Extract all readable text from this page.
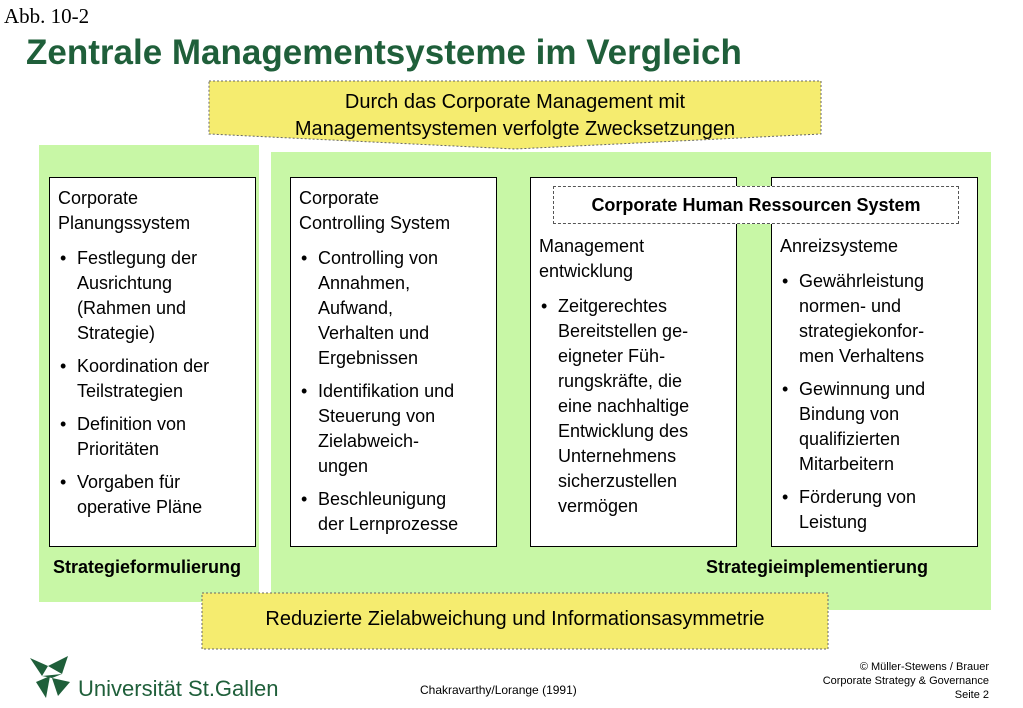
Abb. 10-2
Zentrale Managementsysteme im Vergleich
Durch das Corporate Management mit
Managementsystemen verfolgte Zwecksetzungen
Corporate
Planungssystem
• Festlegung der
Ausrichtung
(Rahmen und
Strategie)
• Koordination der
Teilstrategien
• Definition von
Prioritäten
• Vorgaben für
operative Pläne
Corporate
Controlling System
• Controlling von
Annahmen,
Aufwand,
Verhalten und
Ergebnissen
• Identifikation und
Steuerung von
Zielabweich-
ungen
• Beschleunigung
der Lernprozesse
Management
entwicklung
• Zeitgerechtes
Bereitstellen ge-
eigneter Füh-
rungskräfte, die
eine nachhaltige
Entwicklung des
Unternehmens
sicherzustellen
vermögen
Anreizsysteme
• Gewährleistung
normen- und
strategiekonfor-
men Verhaltens
• Gewinnung und
Bindung von
qualifizierten
Mitarbeitern
• Förderung von
Leistung
Corporate Human Ressourcen System
Strategieformulierung	Strategieimplementierung
Reduzierte Zielabweichung und Informationsasymmetrie
Universität St.Gallen	Chakravarthy/Lorange (1991)
© Müller-Stewens / Brauer
Corporate Strategy & Governance
Seite 2
